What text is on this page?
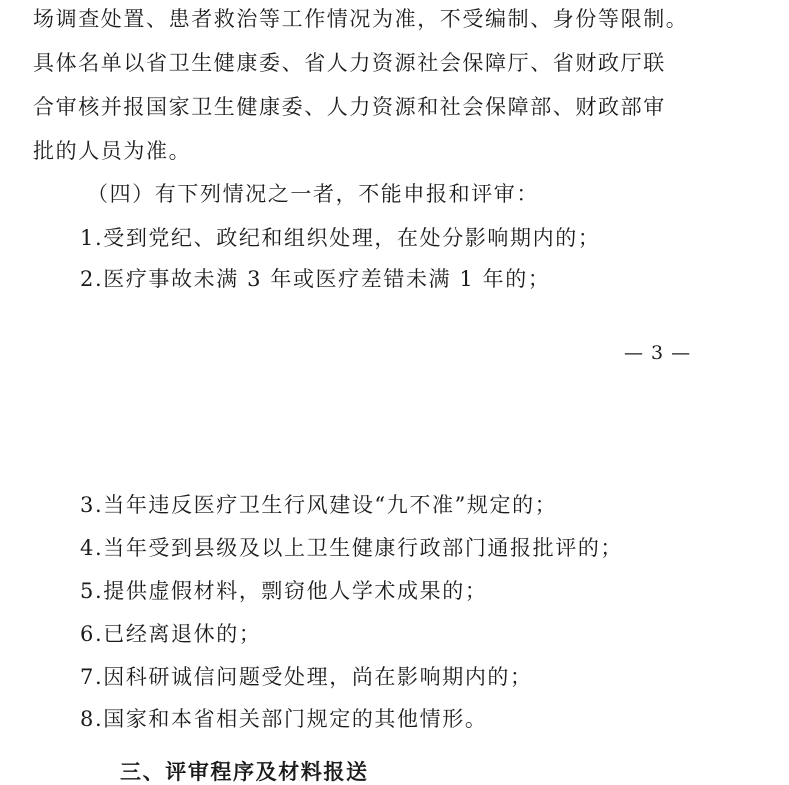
场调查处置、患者救治等工作情况为准，不受编制、身份等限制。

具体名单以省卫生健康委、省人力资源社会保障厅、省财政厅联

合审核并报国家卫生健康委、人力资源和社会保障部、财政部审

批的人员为准。

（四）有下列情况之一者，不能申报和评审：

1.受到党纪、政纪和组织处理，在处分影响期内的；

2.医疗事故未满 3 年或医疗差错未满 1 年的；

— 3 —

3.当年违反医疗卫生行风建设“九不准”规定的；

4.当年受到县级及以上卫生健康行政部门通报批评的；

5.提供虚假材料，剽窃他人学术成果的；

6.已经离退休的；

7.因科研诚信问题受处理，尚在影响期内的；

8.国家和本省相关部门规定的其他情形。

三、评审程序及材料报送
